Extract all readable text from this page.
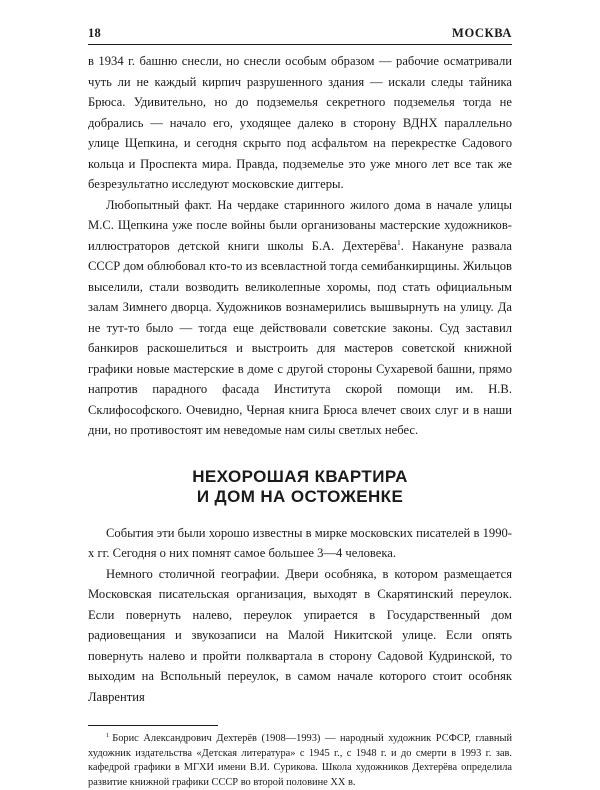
18	МОСКВА

в 1934 г. башню снесли, но снесли особым образом — рабочие осматривали чуть ли не каждый кирпич разрушенного здания — искали следы тайника Брюса. Удивительно, но до подземелья секретного подземелья тогда не добрались — начало его, уходящее далеко в сторону ВДНХ параллельно улице Щепкина, и сегодня скрыто под асфальтом на перекрестке Садового кольца и Проспекта мира. Правда, подземелье это уже много лет все так же безрезультатно исследуют московские диггеры.

Любопытный факт. На чердаке старинного жилого дома в начале улицы М.С. Щепкина уже после войны были организованы мастерские художников-иллюстраторов детской книги школы Б.А. Дехтерёва$^1$. Накануне развала СССР дом облюбовал кто-то из всевластной тогда семибанкирщины. Жильцов выселили, стали возводить великолепные хоромы, под стать официальным залам Зимнего дворца. Художников вознамерились вышвырнуть на улицу. Да не тут-то было — тогда еще действовали советские законы. Суд заставил банкиров раскошелиться и выстроить для мастеров советской книжной графики новые мастерские в доме с другой стороны Сухаревой башни, прямо напротив парадного фасада Института скорой помощи им. Н.В. Склифософского. Очевидно, Черная книга Брюса влечет своих слуг и в наши дни, но противостоят им неведомые нам силы светлых небес.

НЕХОРОШАЯ КВАРТИРА
И ДОМ НА ОСТОЖЕНКЕ

События эти были хорошо известны в мирке московских писателей в 1990-х гг. Сегодня о них помнят самое большее 3—4 человека.

Немного столичной географии. Двери особняка, в котором размещается Московская писательская организация, выходят в Скарятинский переулок. Если повернуть налево, переулок упирается в Государственный дом радиовещания и звукозаписи на Малой Никитской улице. Если опять повернуть налево и пройти полквартала в сторону Садовой Кудринской, то выходим на Вспольный переулок, в самом начале которого стоит особняк Лаврентия

$^1$ Борис Александрович Дехтерёв (1908—1993) — народный художник РСФСР, главный художник издательства «Детская литература» с 1945 г., с 1948 г. и до смерти в 1993 г. зав. кафедрой графики в МГХИ имени В.И. Сурикова. Школа художников Дехтерёва определила развитие книжной графики СССР во второй половине XX в.
